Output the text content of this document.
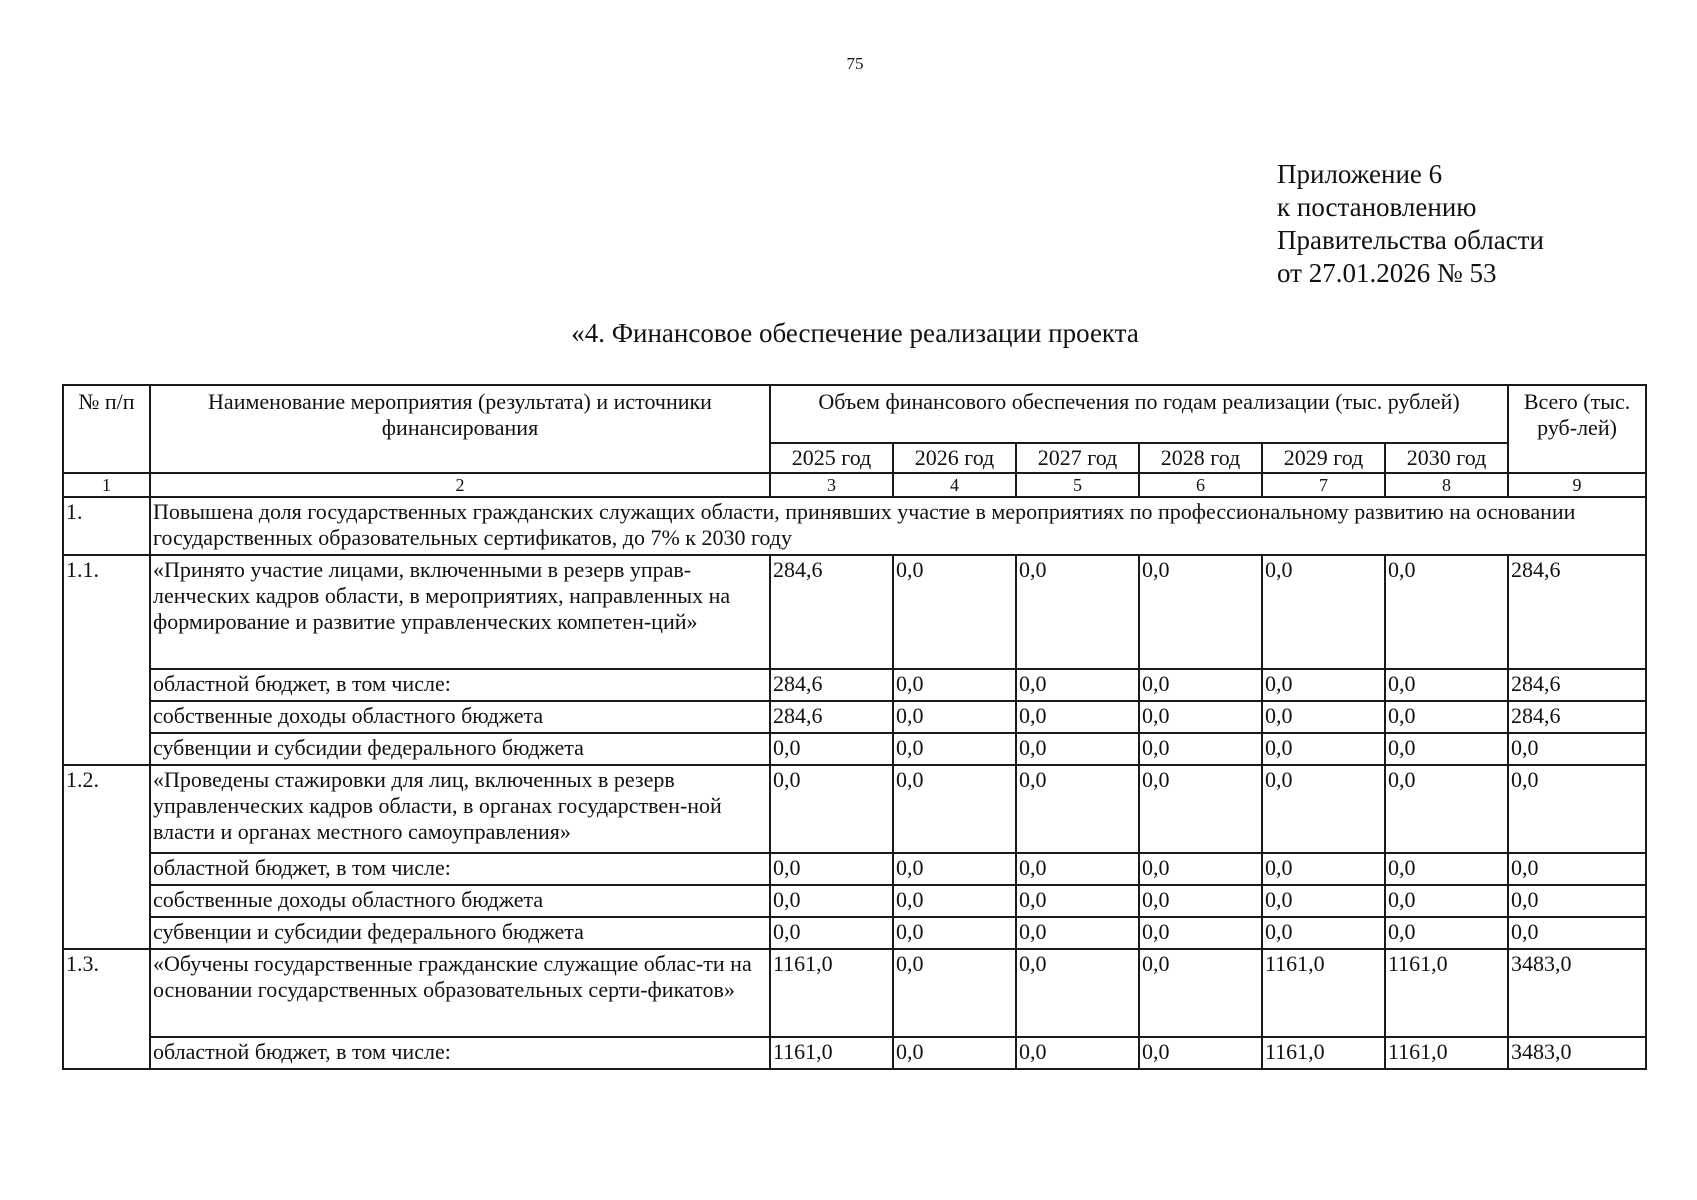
75
Приложение 6
к постановлению
Правительства области
от 27.01.2026 № 53
«4. Финансовое обеспечение реализации проекта
№ п/п	Наименование мероприятия (результата) и источники финансирования	Объем финансового обеспечения по годам реализации (тыс. рублей)						Всего (тыс. руб-лей)
		2025 год	2026 год	2027 год	2028 год	2029 год	2030 год	
1	2	3	4	5	6	7	8	9
1.	Повышена доля государственных гражданских служащих области, принявших участие в мероприятиях по профессиональному развитию на основании государственных образовательных сертификатов, до 7% к 2030 году							
1.1.	«Принято участие лицами, включенными в резерв управ-ленческих кадров области, в мероприятиях, направленных на формирование и развитие управленческих компетен-ций»	284,6	0,0	0,0	0,0	0,0	0,0	284,6
	областной бюджет, в том числе:	284,6	0,0	0,0	0,0	0,0	0,0	284,6
	собственные доходы областного бюджета	284,6	0,0	0,0	0,0	0,0	0,0	284,6
	субвенции и субсидии федерального бюджета	0,0	0,0	0,0	0,0	0,0	0,0	0,0
1.2.	«Проведены стажировки для лиц, включенных в резерв управленческих кадров области, в органах государствен-ной власти и органах местного самоуправления»	0,0	0,0	0,0	0,0	0,0	0,0	0,0
	областной бюджет, в том числе:	0,0	0,0	0,0	0,0	0,0	0,0	0,0
	собственные доходы областного бюджета	0,0	0,0	0,0	0,0	0,0	0,0	0,0
	субвенции и субсидии федерального бюджета	0,0	0,0	0,0	0,0	0,0	0,0	0,0
1.3.	«Обучены государственные гражданские служащие облас-ти на основании государственных образовательных серти-фикатов»	1161,0	0,0	0,0	0,0	1161,0	1161,0	3483,0
	областной бюджет, в том числе:	1161,0	0,0	0,0	0,0	1161,0	1161,0	3483,0
